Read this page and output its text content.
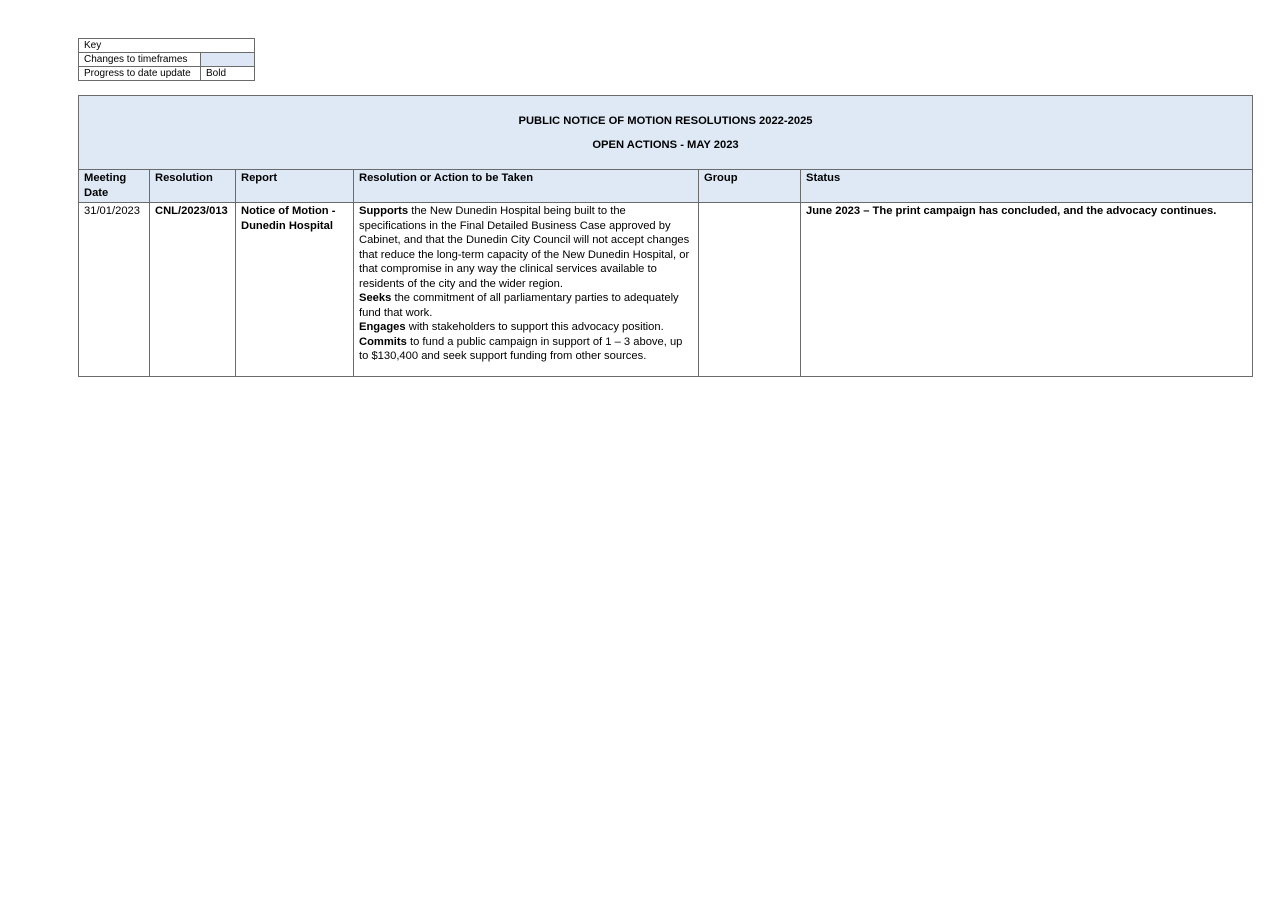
Key	
Changes to timeframes	
Progress to date update	Bold
PUBLIC NOTICE OF MOTION RESOLUTIONS 2022-2025
OPEN ACTIONS - MAY 2023					

Meeting Date	Resolution	Report	Resolution or Action to be Taken	Group	Status
31/01/2023	CNL/2023/013	Notice of Motion - Dunedin Hospital	Supports the New Dunedin Hospital being built to the specifications in the Final Detailed Business Case approved by Cabinet, and that the Dunedin City Council will not accept changes that reduce the long-term capacity of the New Dunedin Hospital, or that compromise in any way the clinical services available to residents of the city and the wider region.
Seeks the commitment of all parliamentary parties to adequately fund that work.
Engages with stakeholders to support this advocacy position.
Commits to fund a public campaign in support of 1 – 3 above, up to $130,400 and seek support funding from other sources.		June 2023 – The print campaign has concluded, and the advocacy continues.
